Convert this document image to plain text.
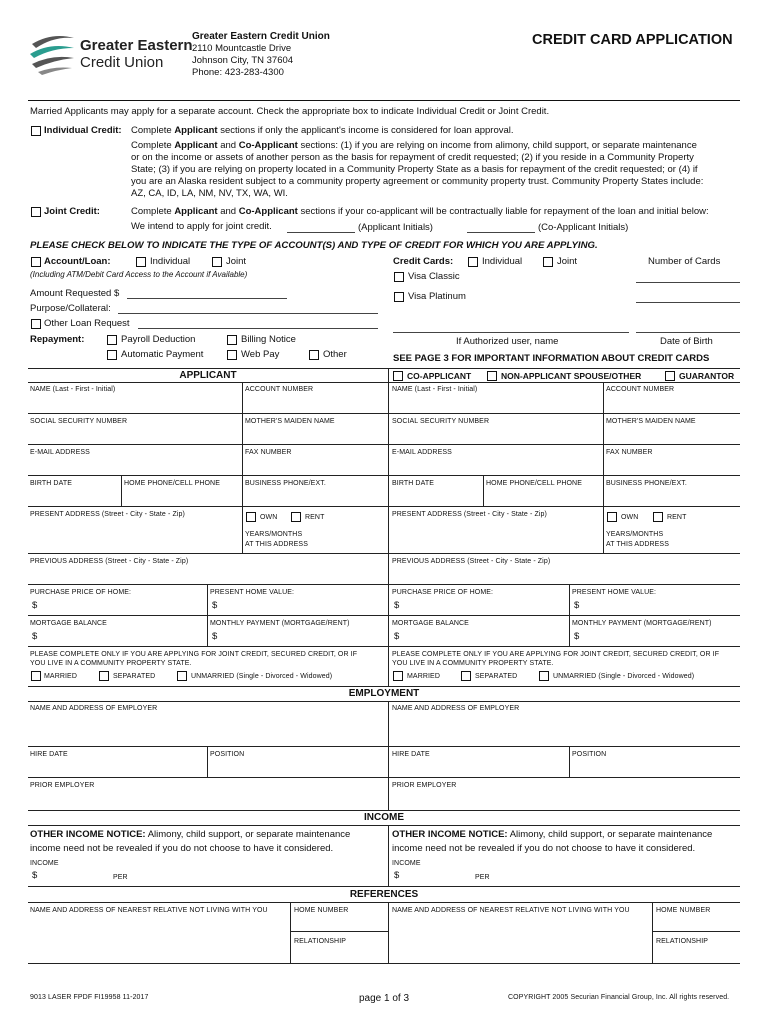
Greater Eastern
Credit Union
Greater Eastern Credit Union
2110 Mountcastle Drive
Johnson City, TN 37604
Phone: 423-283-4300
CREDIT CARD APPLICATION
Married Applicants may apply for a separate account. Check the appropriate box to indicate Individual Credit or Joint Credit.
Individual Credit: Complete Applicant sections if only the applicant's income is considered for loan approval.
Complete Applicant and Co-Applicant sections: (1) if you are relying on income from alimony, child support, or separate maintenance
or on the income or assets of another person as the basis for repayment of credit requested; (2) if you reside in a Community Property
State; (3) if you are relying on property located in a Community Property State as a basis for repayment of the credit requested; or (4) if
you are an Alaska resident subject to a community property agreement or community property trust. Community Property States include:
AZ, CA, ID, LA, NM, NV, TX, WA, WI.
Joint Credit:	Complete Applicant and Co-Applicant sections if your co-applicant will be contractually liable for repayment of the loan and initial below:
We intend to apply for joint credit.	(Applicant Initials)	(Co-Applicant Initials)
PLEASE CHECK BELOW TO INDICATE THE TYPE OF ACCOUNT(S) AND TYPE OF CREDIT FOR WHICH YOU ARE APPLYING.
Account/Loan:	Individual	Joint
(Including ATM/Debit Card Access to the Account if Available)
Amount Requested $
Purpose/Collateral:
Other Loan Request
Repayment:	Payroll Deduction	Billing Notice
Automatic Payment	Web Pay	Other
Credit Cards:	Individual	Joint	Number of Cards
Visa Classic
Visa Platinum
If Authorized user, name	Date of Birth
SEE PAGE 3 FOR IMPORTANT INFORMATION ABOUT CREDIT CARDS
APPLICANT	CO-APPLICANT	NON-APPLICANT SPOUSE/OTHER	GUARANTOR
NAME (Last - First - Initial)	ACCOUNT NUMBER
SOCIAL SECURITY NUMBER	MOTHER'S MAIDEN NAME
E-MAIL ADDRESS	FAX NUMBER
BIRTH DATE	HOME PHONE/CELL PHONE	BUSINESS PHONE/EXT.
PRESENT ADDRESS (Street - City - State - Zip)	OWN	RENT
YEARS/MONTHS
AT THIS ADDRESS
PREVIOUS ADDRESS (Street - City - State - Zip)
PURCHASE PRICE OF HOME:
$
PRESENT HOME VALUE:
$
MORTGAGE BALANCE
$
MONTHLY PAYMENT (MORTGAGE/RENT)
$
PLEASE COMPLETE ONLY IF YOU ARE APPLYING FOR JOINT CREDIT, SECURED CREDIT, OR IF
YOU LIVE IN A COMMUNITY PROPERTY STATE.
MARRIED	SEPARATED	UNMARRIED (Single - Divorced - Widowed)
NAME (Last - First - Initial)	ACCOUNT NUMBER
SOCIAL SECURITY NUMBER	MOTHER'S MAIDEN NAME
E-MAIL ADDRESS	FAX NUMBER
BIRTH DATE	HOME PHONE/CELL PHONE	BUSINESS PHONE/EXT.
PRESENT ADDRESS (Street - City - State - Zip)	OWN	RENT
YEARS/MONTHS
AT THIS ADDRESS
PREVIOUS ADDRESS (Street - City - State - Zip)
PURCHASE PRICE OF HOME:
$
PRESENT HOME VALUE:
$
MORTGAGE BALANCE
$
MONTHLY PAYMENT (MORTGAGE/RENT)
$
PLEASE COMPLETE ONLY IF YOU ARE APPLYING FOR JOINT CREDIT, SECURED CREDIT, OR IF
YOU LIVE IN A COMMUNITY PROPERTY STATE.
MARRIED	SEPARATED	UNMARRIED (Single - Divorced - Widowed)
EMPLOYMENT
NAME AND ADDRESS OF EMPLOYER	NAME AND ADDRESS OF EMPLOYER
HIRE DATE	POSITION	HIRE DATE	POSITION
PRIOR EMPLOYER	PRIOR EMPLOYER
INCOME
OTHER INCOME NOTICE: Alimony, child support, or separate maintenance
income need not be revealed if you do not choose to have it considered.
INCOME
$	PER
OTHER INCOME NOTICE: Alimony, child support, or separate maintenance
income need not be revealed if you do not choose to have it considered.
INCOME
$	PER
REFERENCES
NAME AND ADDRESS OF NEAREST RELATIVE NOT LIVING WITH YOU	HOME NUMBER
RELATIONSHIP
NAME AND ADDRESS OF NEAREST RELATIVE NOT LIVING WITH YOU	HOME NUMBER
RELATIONSHIP
9013 LASER FPDF FI19958 11-2017	page 1 of 3	COPYRIGHT 2005 Securian Financial Group, Inc. All rights reserved.
